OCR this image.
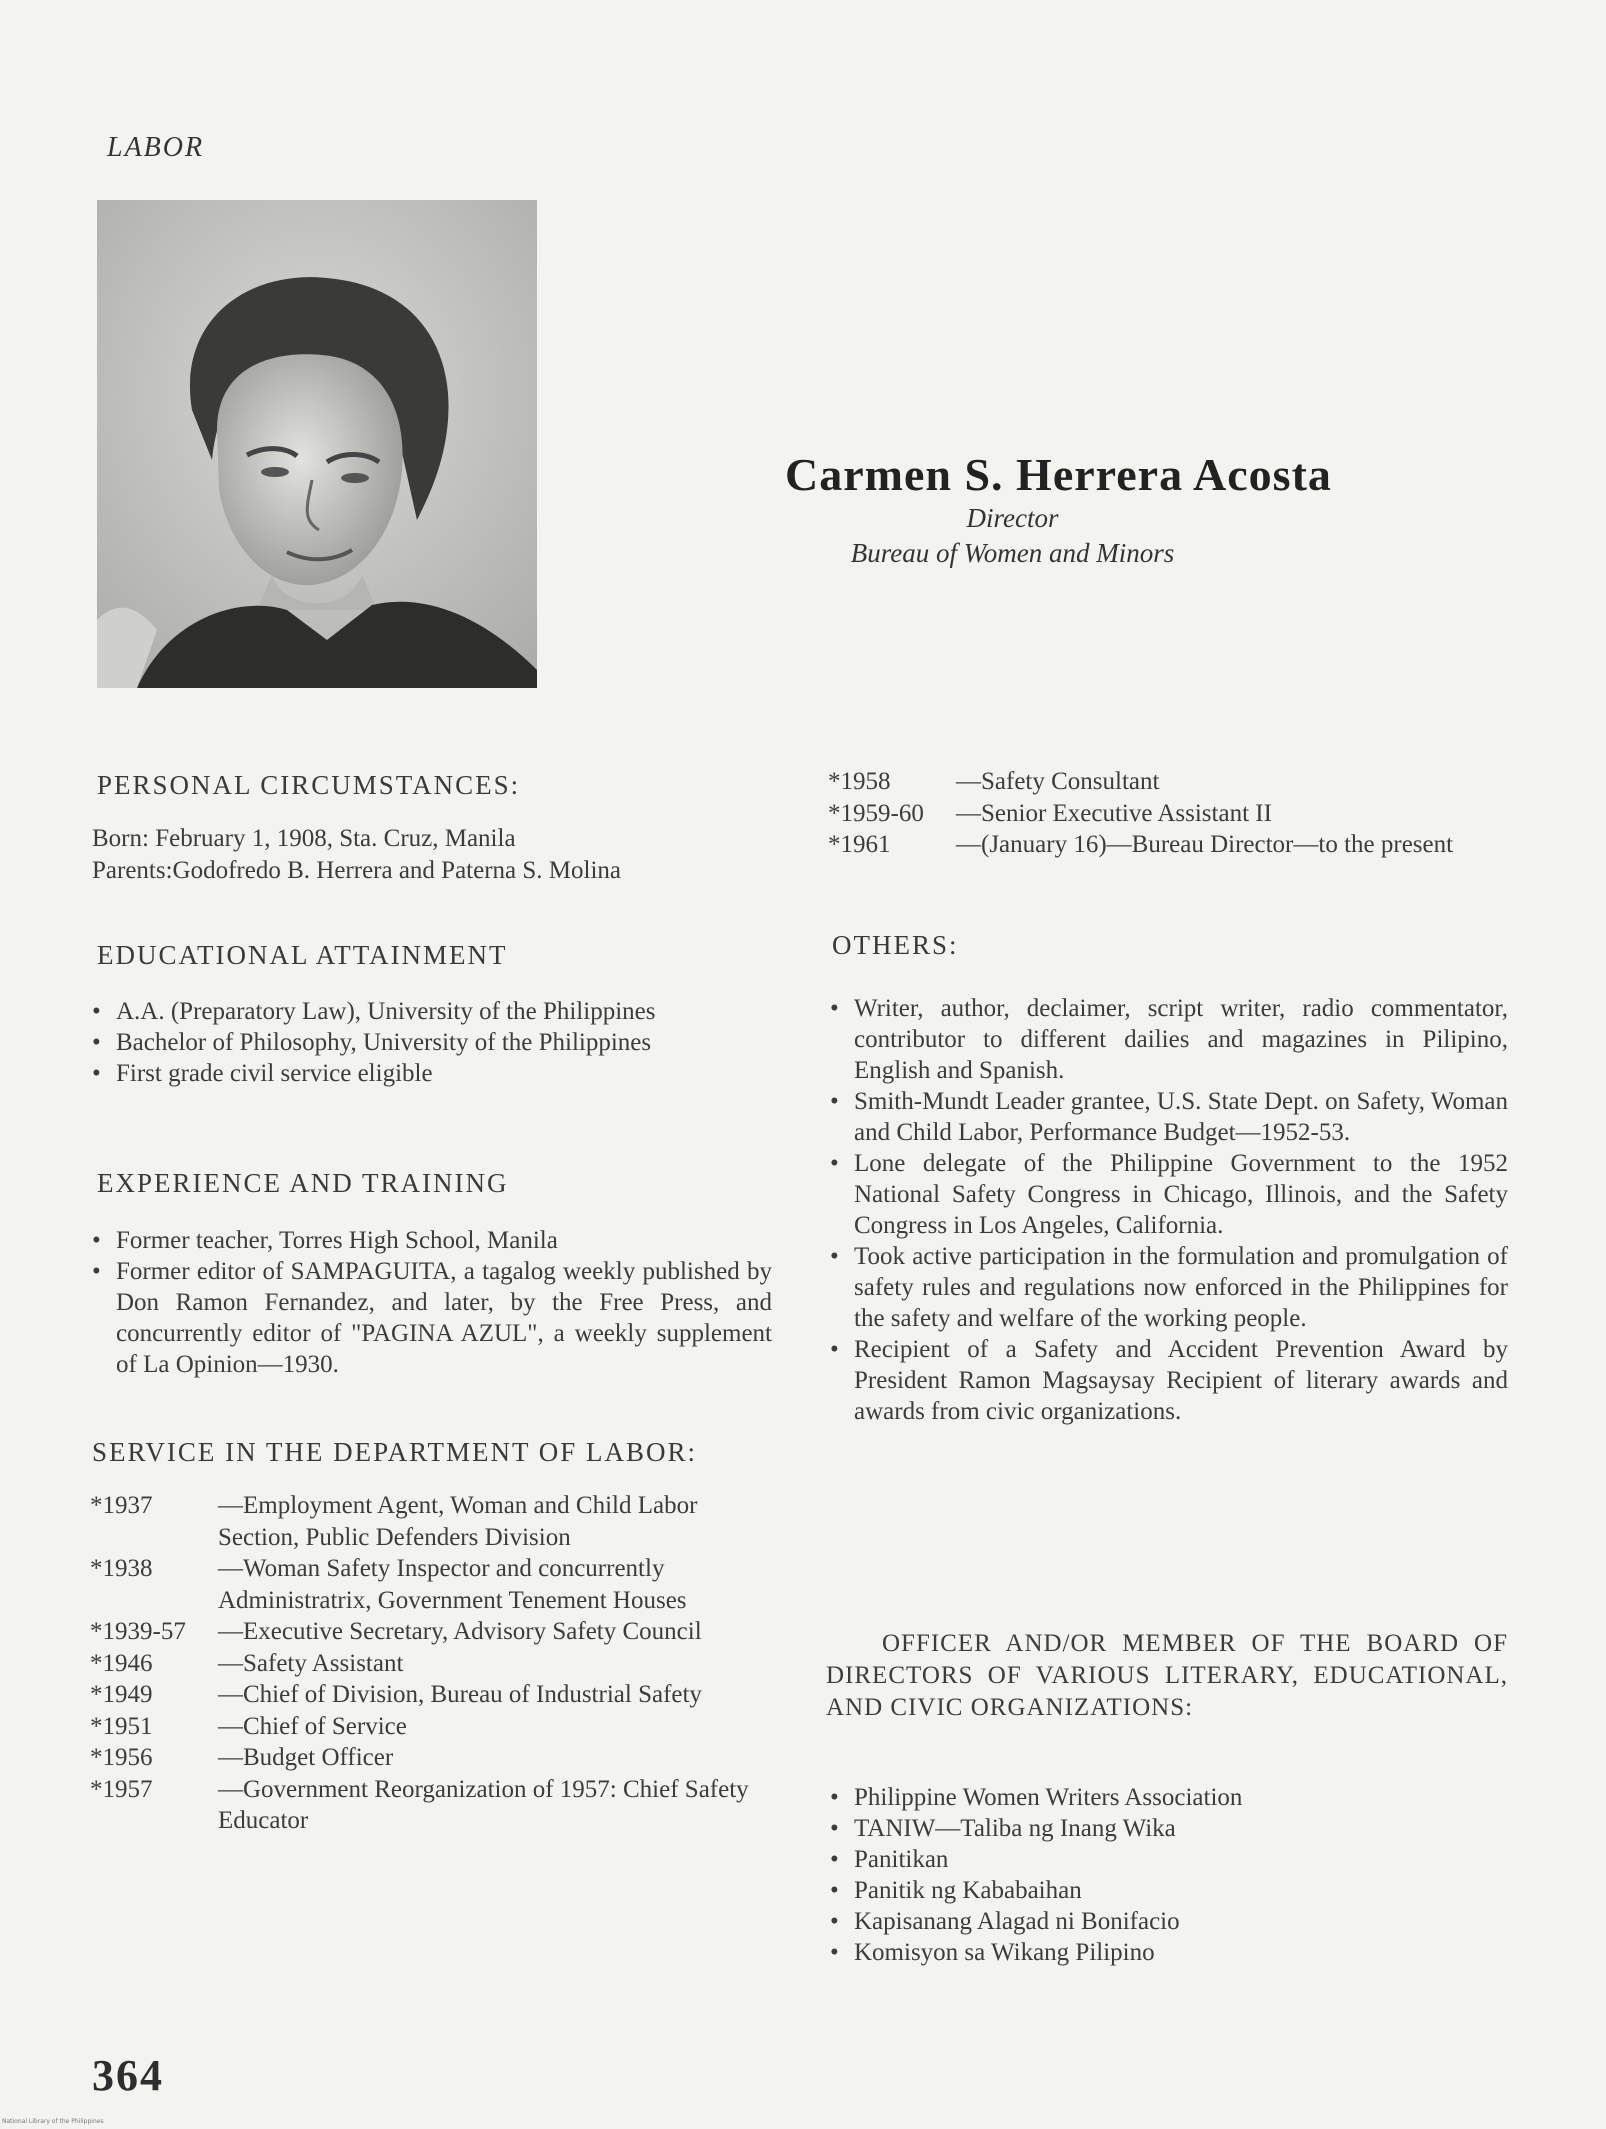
LABOR
Carmen S. Herrera Acosta
Director
Bureau of Women and Minors
PERSONAL CIRCUMSTANCES:
Born: February 1, 1908, Sta. Cruz, Manila
Parents:Godofredo B. Herrera and Paterna S. Molina
EDUCATIONAL ATTAINMENT
• A.A. (Preparatory Law), University of the Philippines
• Bachelor of Philosophy, University of the Philippines
• First grade civil service eligible
EXPERIENCE AND TRAINING
• Former teacher, Torres High School, Manila
• Former editor of SAMPAGUITA, a tagalog weekly published by Don Ramon Fernandez, and later, by the Free Press, and concurrently editor of "PAGINA AZUL", a weekly supplement of La Opinion—1930.
SERVICE IN THE DEPARTMENT OF LABOR:
*1937	—Employment Agent, Woman and Child Labor Section, Public Defenders Division
*1938	—Woman Safety Inspector and concurrently Administratrix, Government Tenement Houses
*1939-57	—Executive Secretary, Advisory Safety Council
*1946	—Safety Assistant
*1949	—Chief of Division, Bureau of Industrial Safety
*1951	—Chief of Service
*1956	—Budget Officer
*1957	—Government Reorganization of 1957: Chief Safety Educator
*1958	—Safety Consultant
*1959-60	—Senior Executive Assistant II
*1961	—(January 16)—Bureau Director—to the present
OTHERS:
• Writer, author, declaimer, script writer, radio commentator, contributor to different dailies and magazines in Pilipino, English and Spanish.
• Smith-Mundt Leader grantee, U.S. State Dept. on Safety, Woman and Child Labor, Performance Budget—1952-53.
• Lone delegate of the Philippine Government to the 1952 National Safety Congress in Chicago, Illinois, and the Safety Congress in Los Angeles, California.
• Took active participation in the formulation and promulgation of safety rules and regulations now enforced in the Philippines for the safety and welfare of the working people.
• Recipient of a Safety and Accident Prevention Award by President Ramon Magsaysay Recipient of literary awards and awards from civic organizations.
OFFICER AND/OR MEMBER OF THE BOARD OF DIRECTORS OF VARIOUS LITERARY, EDUCATIONAL, AND CIVIC ORGANIZATIONS:
• Philippine Women Writers Association
• TANIW—Taliba ng Inang Wika
• Panitikan
• Panitik ng Kababaihan
• Kapisanang Alagad ni Bonifacio
• Komisyon sa Wikang Pilipino
364
National Library of the Philippines
